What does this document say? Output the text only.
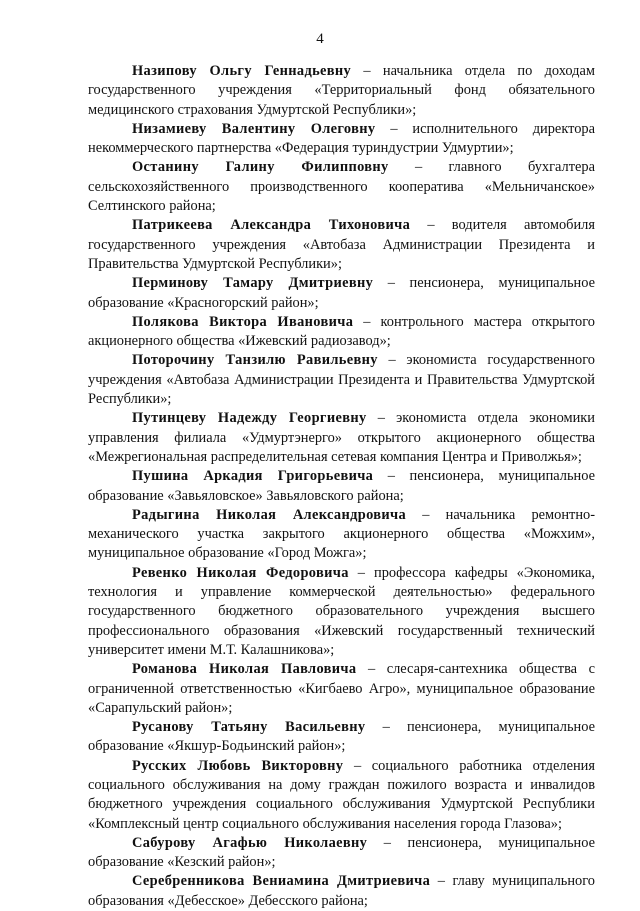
4

Назипову Ольгу Геннадьевну – начальника отдела по доходам государственного учреждения «Территориальный фонд обязательного медицинского страхования Удмуртской Республики»;

Низамиеву Валентину Олеговну – исполнительного директора некоммерческого партнерства «Федерация туриндустрии Удмуртии»;

Останину Галину Филипповну – главного бухгалтера сельскохозяйственного производственного кооператива «Мельничанское» Селтинского района;

Патрикеева Александра Тихоновича – водителя автомобиля государственного учреждения «Автобаза Администрации Президента и Правительства Удмуртской Республики»;

Перминову Тамару Дмитриевну – пенсионера, муниципальное образование «Красногорский район»;

Полякова Виктора Ивановича – контрольного мастера открытого акционерного общества «Ижевский радиозавод»;

Поторочину Танзилю Равильевну – экономиста государственного учреждения «Автобаза Администрации Президента и Правительства Удмуртской Республики»;

Путинцеву Надежду Георгиевну – экономиста отдела экономики управления филиала «Удмуртэнерго» открытого акционерного общества «Межрегиональная распределительная сетевая компания Центра и Приволжья»;

Пушина Аркадия Григорьевича – пенсионера, муниципальное образование «Завьяловское» Завьяловского района;

Радыгина Николая Александровича – начальника ремонтно-механического участка закрытого акционерного общества «Можхим», муниципальное образование «Город Можга»;

Ревенко Николая Федоровича – профессора кафедры «Экономика, технология и управление коммерческой деятельностью» федерального государственного бюджетного образовательного учреждения высшего профессионального образования «Ижевский государственный технический университет имени М.Т. Калашникова»;

Романова Николая Павловича – слесаря-сантехника общества с ограниченной ответственностью «Кигбаево Агро», муниципальное образование «Сарапульский район»;

Русанову Татьяну Васильевну – пенсионера, муниципальное образование «Якшур-Бодьинский район»;

Русских Любовь Викторовну – социального работника отделения социального обслуживания на дому граждан пожилого возраста и инвалидов бюджетного учреждения социального обслуживания Удмуртской Республики «Комплексный центр социального обслуживания населения города Глазова»;

Сабурову Агафью Николаевну – пенсионера, муниципальное образование «Кезский район»;

Серебренникова Вениамина Дмитриевича – главу муниципального образования «Дебесское» Дебесского района;
